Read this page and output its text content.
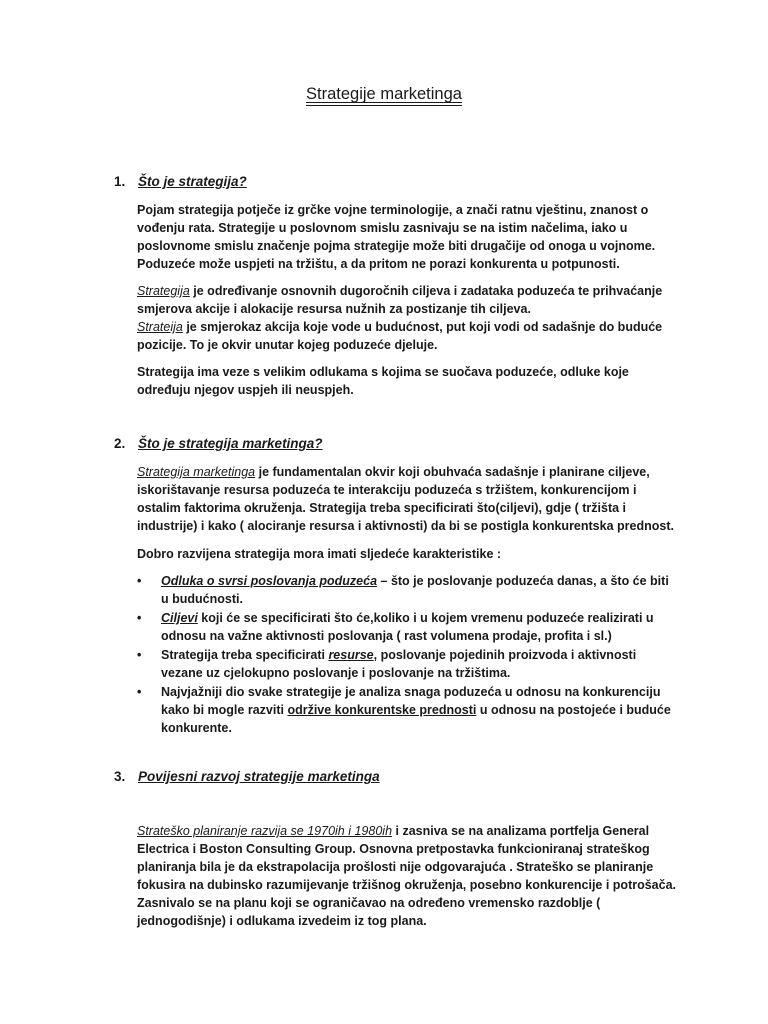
Strategije marketinga
1. Što je strategija?
Pojam strategija potječe iz grčke vojne terminologije, a znači ratnu vještinu, znanost o vođenju rata. Strategije u poslovnom smislu zasnivaju se na istim načelima, iako u poslovnome smislu značenje pojma strategije može biti drugačije od onoga u vojnome. Poduzeće može uspjeti na tržištu, a da pritom ne porazi konkurenta u potpunosti.
Strategija je određivanje osnovnih dugoročnih ciljeva i zadataka poduzeća te prihvaćanje smjerova akcije i alokacije resursa nužnih za postizanje tih ciljeva.
Strateija je smjerokaz akcija koje vode u budućnost, put koji vodi od sadašnje do buduće pozicije. To je okvir unutar kojeg poduzeće djeluje.
Strategija ima veze s velikim odlukama s kojima se suočava poduzeće, odluke koje određuju njegov uspjeh ili neuspjeh.
2. Što je strategija marketinga?
Strategija marketinga je fundamentalan okvir koji obuhvaća sadašnje i planirane ciljeve, iskorištavanje resursa poduzeća te interakciju poduzeća s tržištem, konkurencijom i ostalim faktorima okruženja. Strategija treba specificirati što(ciljevi), gdje ( tržišta i industrije) i kako ( alociranje resursa i aktivnosti) da bi se postigla konkurentska prednost.
Dobro razvijena strategija mora imati sljedeće karakteristike :
• Odluka o svrsi poslovanja poduzeća – što je poslovanje poduzeća danas, a što će biti u budućnosti.
• Ciljevi koji će se specificirati što će,koliko i u kojem vremenu poduzeće realizirati u odnosu na važne aktivnosti poslovanja ( rast volumena prodaje, profita i sl.)
• Strategija treba specificirati resurse, poslovanje pojedinih proizvoda i aktivnosti vezane uz cjelokupno poslovanje i poslovanje na tržištima.
• Najvjažniji dio svake strategije je analiza snaga poduzeća u odnosu na konkurenciju kako bi mogle razviti održive konkurentske prednosti u odnosu na postojeće i buduće konkurente.
3. Povijesni razvoj strategije marketinga
Strateško planiranje razvija se 1970ih i 1980ih i zasniva se na analizama portfelja General Electrica i Boston Consulting Group. Osnovna pretpostavka funkcioniranaj strateškog planiranja bila je da ekstrapolacija prošlosti nije odgovarajuća . Strateško se planiranje fokusira na dubinsko razumijevanje tržišnog okruženja, posebno konkurencije i potrošača. Zasnivalo se na planu koji se ograničavao na određeno vremensko razdoblje ( jednogodišnje) i odlukama izvedeim iz tog plana.
